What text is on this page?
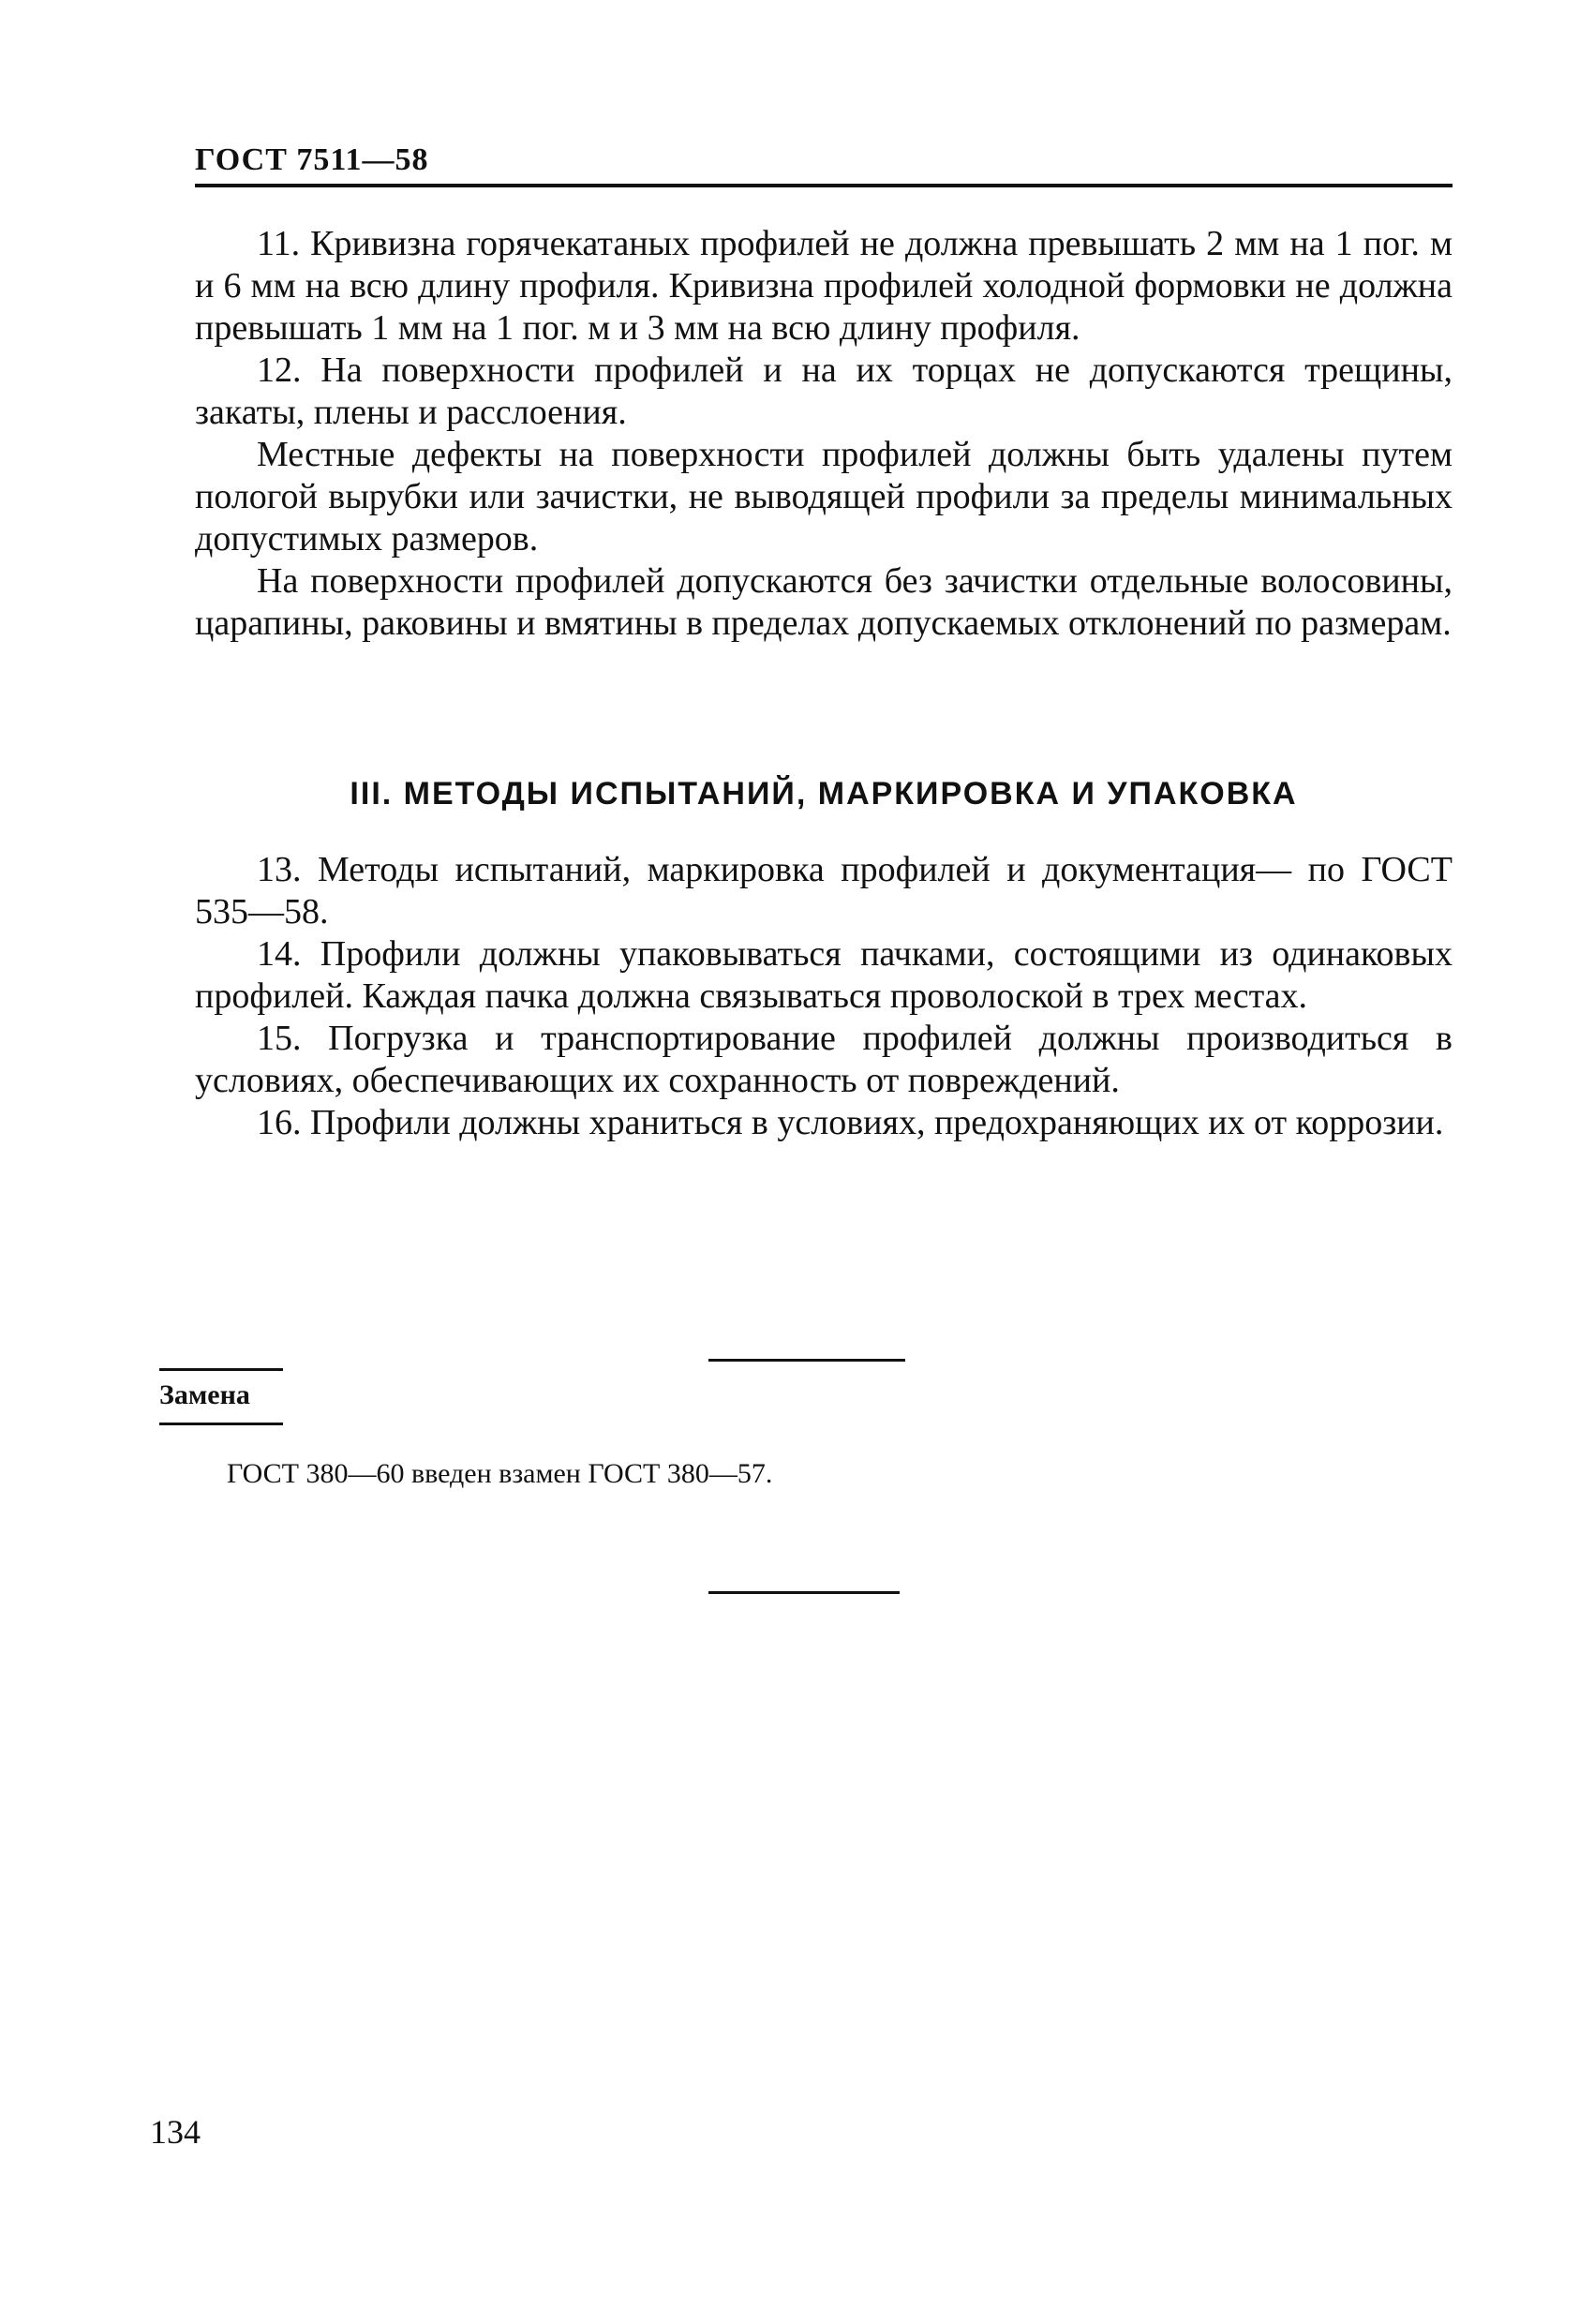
ГОСТ 7511—58

11. Кривизна горячекатаных профилей не должна превышать 2 мм на 1 пог. м и 6 мм на всю длину профиля. Кривизна профилей холодной формовки не должна превышать 1 мм на 1 пог. м и 3 мм на всю длину профиля.

12. На поверхности профилей и на их торцах не допускаются трещины, закаты, плены и расслоения.

Местные дефекты на поверхности профилей должны быть удалены путем пологой вырубки или зачистки, не выводящей профили за пределы минимальных допустимых размеров.

На поверхности профилей допускаются без зачистки отдельные волосовины, царапины, раковины и вмятины в пределах допускаемых отклонений по размерам.

III. МЕТОДЫ ИСПЫТАНИЙ, МАРКИРОВКА И УПАКОВКА

13. Методы испытаний, маркировка профилей и документация— по ГОСТ 535—58.

14. Профили должны упаковываться пачками, состоящими из одинаковых профилей. Каждая пачка должна связываться проволоской в трех местах.

15. Погрузка и транспортирование профилей должны производиться в условиях, обеспечивающих их сохранность от повреждений.

16. Профили должны храниться в условиях, предохраняющих их от коррозии.

Замена

ГОСТ 380—60 введен взамен ГОСТ 380—57.

134
